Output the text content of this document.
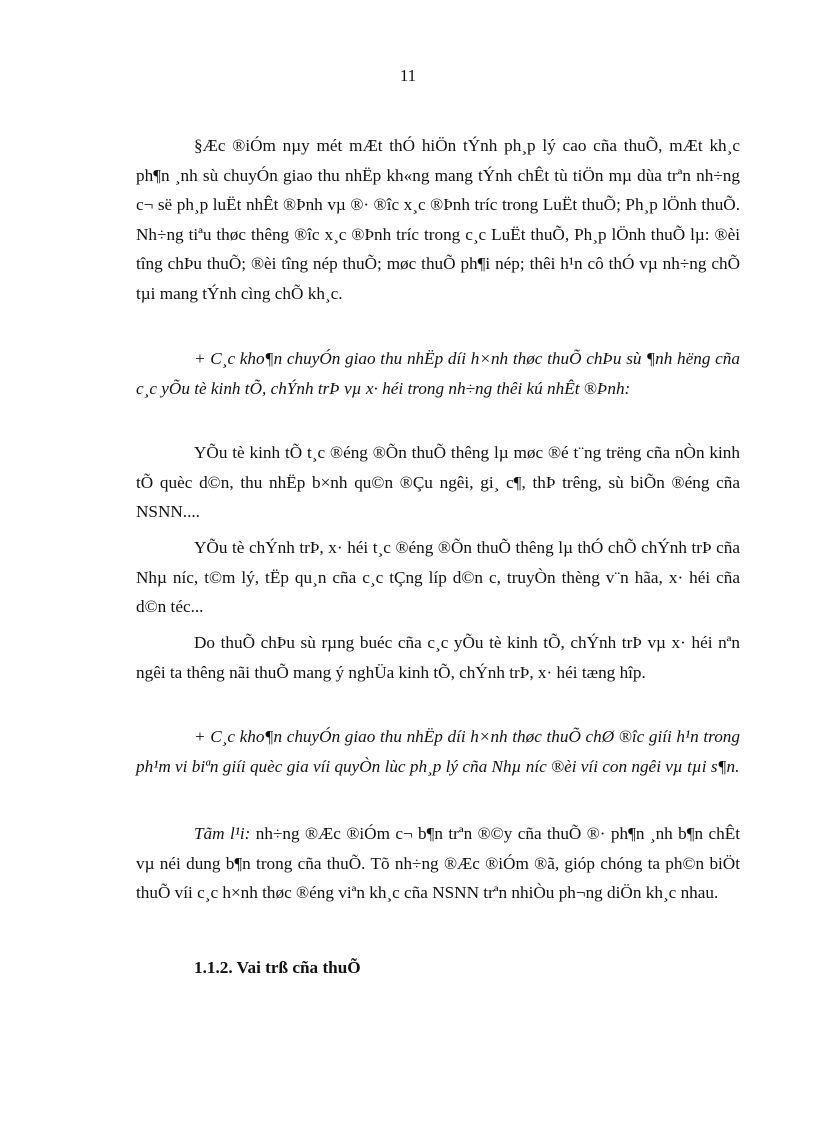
11

§Æc ®iÓm nµy mét mÆt thÓ hiÖn tÝnh ph¸p lý cao cña thuÕ, mÆt kh¸c ph¶n ¸nh sù chuyÓn giao thu nhËp kh«ng mang tÝnh chÊt tù tiÖn mµ dùa trªn nh÷ng c¬ së ph¸p luËt nhÊt ®Þnh vµ ®· ®îc x¸c ®Þnh tríc trong LuËt thuÕ; Ph¸p lÖnh thuÕ. Nh÷ng tiªu thøc thêng ®îc x¸c ®Þnh tríc trong c¸c LuËt thuÕ, Ph¸p lÖnh thuÕ lµ: ®èi tîng chÞu thuÕ; ®èi tîng nép thuÕ; møc thuÕ ph¶i nép; thêi h¹n cô thÓ vµ nh÷ng chÕ tµi mang tÝnh cìng chÕ kh¸c.

+ C¸c kho¶n chuyÓn giao thu nhËp díi h×nh thøc thuÕ chÞu sù ¶nh hëng cña c¸c yÕu tè kinh tÕ, chÝnh trÞ vµ x· héi trong nh÷ng thêi kú nhÊt ®Þnh:

YÕu tè kinh tÕ t¸c ®éng ®Õn thuÕ thêng lµ møc ®é t¨ng trëng cña nÒn kinh tÕ quèc d©n, thu nhËp b×nh qu©n ®Çu ngêi, gi¸ c¶, thÞ trêng, sù biÕn ®éng cña NSNN....

YÕu tè chÝnh trÞ, x· héi t¸c ®éng ®Õn thuÕ thêng lµ thÓ chÕ chÝnh trÞ cña Nhµ níc, t©m lý, tËp qu¸n cña c¸c tÇng líp d©n c, truyÒn thèng v¨n hãa, x· héi cña d©n téc...

Do thuÕ chÞu sù rµng buéc cña c¸c yÕu tè kinh tÕ, chÝnh trÞ vµ x· héi nªn ngêi ta thêng nãi thuÕ mang ý nghÜa kinh tÕ, chÝnh trÞ, x· héi tæng hîp.

+ C¸c kho¶n chuyÓn giao thu nhËp díi h×nh thøc thuÕ chØ ®îc giíi h¹n trong ph¹m vi biªn giíi quèc gia víi quyÒn lùc ph¸p lý cña Nhµ níc ®èi víi con ngêi vµ tµi s¶n.

Tãm l¹i: nh÷ng ®Æc ®iÓm c¬ b¶n trªn ®©y cña thuÕ ®· ph¶n ¸nh b¶n chÊt vµ néi dung b¶n trong cña thuÕ. Tõ nh÷ng ®Æc ®iÓm ®ã, gióp chóng ta ph©n biÖt thuÕ víi c¸c h×nh thøc ®éng viªn kh¸c cña NSNN trªn nhiÒu ph¬ng diÖn kh¸c nhau.

1.1.2. Vai trß cña thuÕ
